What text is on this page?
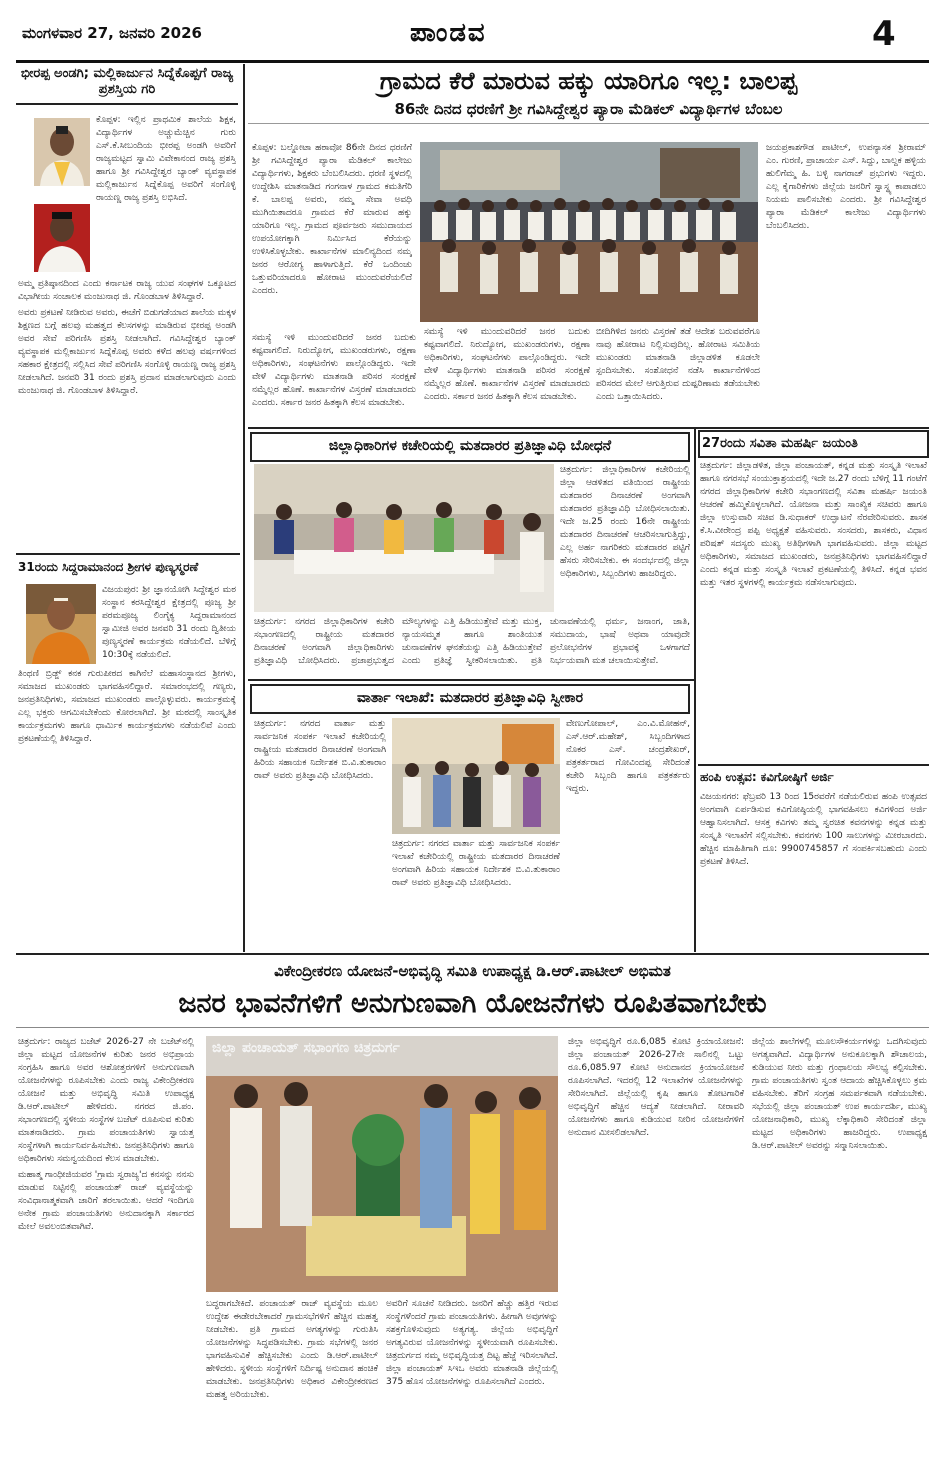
ಮಂಗಳವಾರ 27, ಜನವರಿ 2026	ಪಾಂಡವ	4
ಭೀರಪ್ಪ ಅಂಡಗಿ; ಮಲ್ಲಿಕಾರ್ಜುನ ಸಿದ್ನೆಕೊಪ್ಪಗೆ ರಾಜ್ಯ ಪ್ರಶಸ್ತಿಯ ಗರಿ

ಕೊಪ್ಪಳ: ಇಲ್ಲಿನ ಪ್ರಾಥಮಿಕ ಶಾಲೆಯ ಶಿಕ್ಷಕ, ವಿದ್ಯಾರ್ಥಿಗಳ ಅಚ್ಚುಮೆಚ್ಚಿನ ಗುರು ಎಸ್.ಕೆ.ಸೀಬಂದಿಯ ಭೀರಪ್ಪ ಅಂಡಗಿ ಅವರಿಗೆ ರಾಜ್ಯಮಟ್ಟದ ಸ್ವಾಮಿ ವಿವೇಕಾನಂದ ರಾಜ್ಯ ಪ್ರಶಸ್ತಿ ಹಾಗೂ ಶ್ರೀ ಗವಿಸಿದ್ದೇಶ್ವರ ಬ್ಯಾಂಕ್ ವ್ಯವಸ್ಥಾಪಕ ಮಲ್ಲಿಕಾರ್ಜುನ ಸಿದ್ನೆಕೊಪ್ಪ ಅವರಿಗೆ ಸಂಗೊಳ್ಳಿ ರಾಯಣ್ಣ ರಾಜ್ಯ ಪ್ರಶಸ್ತಿ ಲಭಿಸಿದೆ.

ಅಮ್ಮ ಪ್ರತಿಷ್ಠಾನದಿಂದ ಎಂದು ಕರ್ನಾಟಕ ರಾಜ್ಯ ಯುವ ಸಂಘಗಳ ಒಕ್ಕೂಟದ ವಿಭಾಗೀಯ ಸಂಚಾಲಕ ಮಂಜುನಾಥ ಜಿ. ಗೊಂಡಬಾಳ ತಿಳಿಸಿದ್ದಾರೆ.

ಅವರು ಪ್ರಕಟಣೆ ನೀಡಿರುವ ಅವರು, ಈಚೆಗೆ ಬಿಡುಗಡೆಯಾದ ಶಾಲೆಯ ಮಕ್ಕಳ ಶಿಕ್ಷಣದ ಬಗ್ಗೆ ಹಲವು ಮಹತ್ವದ ಕೆಲಸಗಳನ್ನು ಮಾಡಿರುವ ಭೀರಪ್ಪ ಅಂಡಗಿ ಅವರ ಸೇವೆ ಪರಿಗಣಿಸಿ ಪ್ರಶಸ್ತಿ ನೀಡಲಾಗಿದೆ. ಗವಿಸಿದ್ದೇಶ್ವರ ಬ್ಯಾಂಕ್ ವ್ಯವಸ್ಥಾಪಕ ಮಲ್ಲಿಕಾರ್ಜುನ ಸಿದ್ನೆಕೊಪ್ಪ ಅವರು ಕಳೆದ ಹಲವು ವರ್ಷಗಳಿಂದ ಸಹಕಾರ ಕ್ಷೇತ್ರದಲ್ಲಿ ಸಲ್ಲಿಸಿದ ಸೇವೆ ಪರಿಗಣಿಸಿ ಸಂಗೊಳ್ಳಿ ರಾಯಣ್ಣ ರಾಜ್ಯ ಪ್ರಶಸ್ತಿ ನೀಡಲಾಗಿದೆ. ಜನವರಿ 31 ರಂದು ಪ್ರಶಸ್ತಿ ಪ್ರದಾನ ಮಾಡಲಾಗುವುದು ಎಂದು ಮಂಜುನಾಥ ಜಿ. ಗೊಂಡಬಾಳ ತಿಳಿಸಿದ್ದಾರೆ.

31ರಂದು ಸಿದ್ದರಾಮಾನಂದ ಶ್ರೀಗಳ ಪುಣ್ಯಸ್ಮರಣೆ

ವಿಜಯಪುರ: ಶ್ರೀ ಜ್ಞಾನಯೋಗಿ ಸಿದ್ದೇಶ್ವರ ಮಠ ಸಂಸ್ಥಾನ ಕರಸಿದ್ದೇಶ್ವರ ಕ್ಷೇತ್ರದಲ್ಲಿ ಪೂಜ್ಯ ಶ್ರೀ ಪರಮಪೂಜ್ಯ ಲಿಂಗೈಕ್ಯ ಸಿದ್ದರಾಮಾನಂದ ಸ್ವಾಮೀಜಿ ಅವರ ಜನವರಿ 31 ರಂದು ದ್ವಿತೀಯ ಪುಣ್ಯಸ್ಮರಣೆ ಕಾರ್ಯಕ್ರಮ ನಡೆಯಲಿದೆ. ಬೆಳಿಗ್ಗೆ 10:30ಕ್ಕೆ ನಡೆಯಲಿದೆ.

ತಿಂಥಣಿ ಬ್ರಿಡ್ಜ್ ಕನಕ ಗುರುಪೀಠದ ಕಾಗಿನೆಲೆ ಮಹಾಸಂಸ್ಥಾನದ ಶ್ರೀಗಳು, ಸಮಾಜದ ಮುಖಂಡರು ಭಾಗವಹಿಸಲಿದ್ದಾರೆ. ಸಮಾರಂಭದಲ್ಲಿ ಗಣ್ಯರು, ಜನಪ್ರತಿನಿಧಿಗಳು, ಸಮಾಜದ ಮುಖಂಡರು ಪಾಲ್ಗೊಳ್ಳುವರು. ಕಾರ್ಯಕ್ರಮಕ್ಕೆ ಎಲ್ಲ ಭಕ್ತರು ಆಗಮಿಸಬೇಕೆಂದು ಕೋರಲಾಗಿದೆ. ಶ್ರೀ ಮಠದಲ್ಲಿ ಸಾಂಸ್ಕೃತಿಕ ಕಾರ್ಯಕ್ರಮಗಳು ಹಾಗೂ ಧಾರ್ಮಿಕ ಕಾರ್ಯಕ್ರಮಗಳು ನಡೆಯಲಿವೆ ಎಂದು ಪ್ರಕಟಣೆಯಲ್ಲಿ ತಿಳಿಸಿದ್ದಾರೆ.

ಗ್ರಾಮದ ಕೆರೆ ಮಾರುವ ಹಕ್ಕು ಯಾರಿಗೂ ಇಲ್ಲ: ಬಾಲಪ್ಪ
86ನೇ ದಿನದ ಧರಣಿಗೆ ಶ್ರೀ ಗವಿಸಿದ್ದೇಶ್ವರ ಪ್ಯಾರಾ ಮೆಡಿಕಲ್ ವಿದ್ಯಾರ್ಥಿಗಳ ಬೆಂಬಲ

ಕೊಪ್ಪಳ: ಬಲ್ಡೋಟಾ ಹಠಾವೋ 86ನೇ ದಿನದ ಧರಣಿಗೆ ಶ್ರೀ ಗವಿಸಿದ್ದೇಶ್ವರ ಪ್ಯಾರಾ ಮೆಡಿಕಲ್ ಕಾಲೇಜು ವಿದ್ಯಾರ್ಥಿಗಳು, ಶಿಕ್ಷಕರು ಬೆಂಬಲಿಸಿದರು. ಧರಣಿ ಸ್ಥಳದಲ್ಲಿ ಉದ್ದೇಶಿಸಿ ಮಾತನಾಡಿದ ಗಂಗನಾಳ ಗ್ರಾಮದ ಕಮತಿಗೆರಿ ಕೆ. ಬಾಲಪ್ಪ ಅವರು, ನಮ್ಮ ಸೇವಾ ಅವಧಿ ಮುಗಿಯಿತಾದರೂ ಗ್ರಾಮದ ಕೆರೆ ಮಾರುವ ಹಕ್ಕು ಯಾರಿಗೂ ಇಲ್ಲ. ಗ್ರಾಮದ ಪೂರ್ವಜರು ಸಮುದಾಯದ ಉಪಯೋಗಕ್ಕಾಗಿ ನಿರ್ಮಿಸಿದ ಕೆರೆಯನ್ನು ಉಳಿಸಿಕೊಳ್ಳಬೇಕು. ಕಾರ್ಖಾನೆಗಳ ಮಾಲಿನ್ಯದಿಂದ ನಮ್ಮ ಜನರ ಆರೋಗ್ಯ ಹಾಳಾಗುತ್ತಿದೆ. ಕೆರೆ ಒಂದಿಂಚು ಒತ್ತುವರಿಯಾದರೂ ಹೋರಾಟ ಮುಂದುವರೆಯಲಿದೆ ಎಂದರು.

ಜಯಪ್ರಕಾಶಗೌಡ ಪಾಟೀಲ್, ಉಪನ್ಯಾಸಕ ಶ್ರೀರಾಮ್ ಎಂ. ಗುರಣಿ, ಪ್ರಾಚಾರ್ಯ ಎಸ್. ಸಿದ್ದು, ಬಾಲ್ದಕ ಹಳ್ಳಿಯ ಹುಲಿಗೆಮ್ಮ ಹಿ. ಬಳ್ಳಿ ನಾಗರಾಜ್ ಪ್ರಭುಗಳು ಇದ್ದರು. ಎಲ್ಲ ಕೈಗಾರಿಕೆಗಳು ಜಿಲ್ಲೆಯ ಜನರಿಗೆ ಸ್ವಾಸ್ಥ್ಯ ಕಾಪಾಡಲು ನಿಯಮ ಪಾಲಿಸಬೇಕು ಎಂದರು. ಶ್ರೀ ಗವಿಸಿದ್ದೇಶ್ವರ ಪ್ಯಾರಾ ಮೆಡಿಕಲ್ ಕಾಲೇಜು ವಿದ್ಯಾರ್ಥಿಗಳು ಬೆಂಬಲಿಸಿದರು.

ಸಮಸ್ಯೆ ಇಳಿ ಮುಂದುವರಿದರೆ ಜನರ ಬದುಕು ಕಷ್ಟವಾಗಲಿದೆ. ನಿರುದ್ಯೋಗ, ಮುಖಂಡರುಗಳು, ರಕ್ಷಣಾ ಅಧಿಕಾರಿಗಳು, ಸಂಘಟನೆಗಳು ಪಾಲ್ಗೊಂಡಿದ್ದರು. ಇದೇ ವೇಳೆ ವಿದ್ಯಾರ್ಥಿಗಳು ಮಾತನಾಡಿ ಪರಿಸರ ಸಂರಕ್ಷಣೆ ನಮ್ಮೆಲ್ಲರ ಹೊಣೆ. ಕಾರ್ಖಾನೆಗಳ ವಿಸ್ತರಣೆ ಮಾಡಬಾರದು ಎಂದರು. ಸರ್ಕಾರ ಜನರ ಹಿತಕ್ಕಾಗಿ ಕೆಲಸ ಮಾಡಬೇಕು.

ಸಮಸ್ಯೆ ಇಳಿ ಮುಂದುವರಿದರೆ ಜನರ ಬದುಕು ಕಷ್ಟವಾಗಲಿದೆ. ನಿರುದ್ಯೋಗ, ಮುಖಂಡರುಗಳು, ರಕ್ಷಣಾ ಅಧಿಕಾರಿಗಳು, ಸಂಘಟನೆಗಳು ಪಾಲ್ಗೊಂಡಿದ್ದರು. ಇದೇ ವೇಳೆ ವಿದ್ಯಾರ್ಥಿಗಳು ಮಾತನಾಡಿ ಪರಿಸರ ಸಂರಕ್ಷಣೆ ನಮ್ಮೆಲ್ಲರ ಹೊಣೆ. ಕಾರ್ಖಾನೆಗಳ ವಿಸ್ತರಣೆ ಮಾಡಬಾರದು ಎಂದರು. ಸರ್ಕಾರ ಜನರ ಹಿತಕ್ಕಾಗಿ ಕೆಲಸ ಮಾಡಬೇಕು.

ಬೀದಿಗಿಳಿದ ಜನರು ವಿಸ್ತರಣೆ ತಡೆ ಆದೇಶ ಬರುವವರೆಗೂ ನಾವು ಹೋರಾಟ ನಿಲ್ಲಿಸುವುದಿಲ್ಲ. ಹೋರಾಟ ಸಮಿತಿಯ ಮುಖಂಡರು ಮಾತನಾಡಿ ಜಿಲ್ಲಾಡಳಿತ ಕೂಡಲೇ ಸ್ಪಂದಿಸಬೇಕು. ಸಂಶೋಧನೆ ನಡೆಸಿ ಕಾರ್ಖಾನೆಗಳಿಂದ ಪರಿಸರದ ಮೇಲೆ ಆಗುತ್ತಿರುವ ದುಷ್ಪರಿಣಾಮ ತಡೆಯಬೇಕು ಎಂದು ಒತ್ತಾಯಿಸಿದರು.

ಜಿಲ್ಲಾಧಿಕಾರಿಗಳ ಕಚೇರಿಯಲ್ಲಿ ಮತದಾರರ ಪ್ರತಿಜ್ಞಾವಿಧಿ ಬೋಧನೆ

ಚಿತ್ರದುರ್ಗ: ಜಿಲ್ಲಾಧಿಕಾರಿಗಳ ಕಚೇರಿಯಲ್ಲಿ ಜಿಲ್ಲಾ ಆಡಳಿತದ ವತಿಯಿಂದ ರಾಷ್ಟ್ರೀಯ ಮತದಾರರ ದಿನಾಚರಣೆ ಅಂಗವಾಗಿ ಮತದಾರರ ಪ್ರತಿಜ್ಞಾವಿಧಿ ಬೋಧಿಸಲಾಯಿತು. ಇದೇ ಜ.25 ರಂದು 16ನೇ ರಾಷ್ಟ್ರೀಯ ಮತದಾರರ ದಿನಾಚರಣೆ ಆಚರಿಸಲಾಗುತ್ತಿದ್ದು, ಎಲ್ಲ ಅರ್ಹ ನಾಗರಿಕರು ಮತದಾರರ ಪಟ್ಟಿಗೆ ಹೆಸರು ಸೇರಿಸಬೇಕು. ಈ ಸಂದರ್ಭದಲ್ಲಿ ಜಿಲ್ಲಾ ಅಧಿಕಾರಿಗಳು, ಸಿಬ್ಬಂದಿಗಳು ಹಾಜರಿದ್ದರು.

ಚಿತ್ರದುರ್ಗ: ನಗರದ ಜಿಲ್ಲಾಧಿಕಾರಿಗಳ ಕಚೇರಿ ಸಭಾಂಗಣದಲ್ಲಿ ರಾಷ್ಟ್ರೀಯ ಮತದಾರರ ದಿನಾಚರಣೆ ಅಂಗವಾಗಿ ಜಿಲ್ಲಾಧಿಕಾರಿಗಳು ಪ್ರತಿಜ್ಞಾವಿಧಿ ಬೋಧಿಸಿದರು. ಪ್ರಜಾಪ್ರಭುತ್ವದ ಮೌಲ್ಯಗಳನ್ನು ಎತ್ತಿ ಹಿಡಿಯುತ್ತೇವೆ ಮತ್ತು ಮುಕ್ತ, ನ್ಯಾಯಸಮ್ಮತ ಹಾಗೂ ಶಾಂತಿಯುತ ಚುನಾವಣೆಗಳ ಘನತೆಯನ್ನು ಎತ್ತಿ ಹಿಡಿಯುತ್ತೇವೆ ಎಂದು ಪ್ರತಿಜ್ಞೆ ಸ್ವೀಕರಿಸಲಾಯಿತು. ಪ್ರತಿ ಚುನಾವಣೆಯಲ್ಲಿ ಧರ್ಮ, ಜನಾಂಗ, ಜಾತಿ, ಸಮುದಾಯ, ಭಾಷೆ ಅಥವಾ ಯಾವುದೇ ಪ್ರಲೋಭನೆಗಳ ಪ್ರಭಾವಕ್ಕೆ ಒಳಗಾಗದೆ ನಿರ್ಭಯವಾಗಿ ಮತ ಚಲಾಯಿಸುತ್ತೇವೆ.

ವಾರ್ತಾ ಇಲಾಖೆ: ಮತದಾರರ ಪ್ರತಿಜ್ಞಾವಿಧಿ ಸ್ವೀಕಾರ

ಚಿತ್ರದುರ್ಗ: ನಗರದ ವಾರ್ತಾ ಮತ್ತು ಸಾರ್ವಜನಿಕ ಸಂಪರ್ಕ ಇಲಾಖೆ ಕಚೇರಿಯಲ್ಲಿ ರಾಷ್ಟ್ರೀಯ ಮತದಾರರ ದಿನಾಚರಣೆ ಅಂಗವಾಗಿ ಹಿರಿಯ ಸಹಾಯಕ ನಿರ್ದೇಶಕ ಬಿ.ವಿ.ತುಕಾರಾಂ ರಾವ್ ಅವರು ಪ್ರತಿಜ್ಞಾವಿಧಿ ಬೋಧಿಸಿದರು.

ವೇಣುಗೋಪಾಲ್, ಎಂ.ವಿ.ಮೋಹನ್, ಎಸ್.ಆರ್.ಮಹೇಶ್, ಸಿಬ್ಬಂದಿಗಳಾದ ನೊಕರ ಎಸ್. ಚಂದ್ರಶೇಖರ್, ಪತ್ರಕರ್ತರಾದ ಗೋವಿಂದಪ್ಪ ಸೇರಿದಂತೆ ಕಚೇರಿ ಸಿಬ್ಬಂದಿ ಹಾಗೂ ಪತ್ರಕರ್ತರು ಇದ್ದರು.

ಚಿತ್ರದುರ್ಗ: ನಗರದ ವಾರ್ತಾ ಮತ್ತು ಸಾರ್ವಜನಿಕ ಸಂಪರ್ಕ ಇಲಾಖೆ ಕಚೇರಿಯಲ್ಲಿ ರಾಷ್ಟ್ರೀಯ ಮತದಾರರ ದಿನಾಚರಣೆ ಅಂಗವಾಗಿ ಹಿರಿಯ ಸಹಾಯಕ ನಿರ್ದೇಶಕ ಬಿ.ವಿ.ತುಕಾರಾಂ ರಾವ್ ಅವರು ಪ್ರತಿಜ್ಞಾವಿಧಿ ಬೋಧಿಸಿದರು.

27ರಂದು ಸವಿತಾ ಮಹರ್ಷಿ ಜಯಂತಿ

ಚಿತ್ರದುರ್ಗ: ಜಿಲ್ಲಾಡಳಿತ, ಜಿಲ್ಲಾ ಪಂಚಾಯತ್, ಕನ್ನಡ ಮತ್ತು ಸಂಸ್ಕೃತಿ ಇಲಾಖೆ ಹಾಗೂ ನಗರಸಭೆ ಸಂಯುಕ್ತಾಶ್ರಯದಲ್ಲಿ ಇದೇ ಜ.27 ರಂದು ಬೆಳಿಗ್ಗೆ 11 ಗಂಟೆಗೆ ನಗರದ ಜಿಲ್ಲಾಧಿಕಾರಿಗಳ ಕಚೇರಿ ಸಭಾಂಗಣದಲ್ಲಿ ಸವಿತಾ ಮಹರ್ಷಿ ಜಯಂತಿ ಆಚರಣೆ ಹಮ್ಮಿಕೊಳ್ಳಲಾಗಿದೆ. ಯೋಜನಾ ಮತ್ತು ಸಾಂಖ್ಯಿಕ ಸಚಿವರು ಹಾಗೂ ಜಿಲ್ಲಾ ಉಸ್ತುವಾರಿ ಸಚಿವ ಡಿ.ಸುಧಾಕರ್ ಉದ್ಘಾಟನೆ ನೆರವೇರಿಸುವರು. ಶಾಸಕ ಕೆ.ಸಿ.ವೀರೇಂದ್ರ ಪಪ್ಪಿ ಅಧ್ಯಕ್ಷತೆ ವಹಿಸುವರು. ಸಂಸದರು, ಶಾಸಕರು, ವಿಧಾನ ಪರಿಷತ್ ಸದಸ್ಯರು ಮುಖ್ಯ ಅತಿಥಿಗಳಾಗಿ ಭಾಗವಹಿಸುವರು. ಜಿಲ್ಲಾ ಮಟ್ಟದ ಅಧಿಕಾರಿಗಳು, ಸಮಾಜದ ಮುಖಂಡರು, ಜನಪ್ರತಿನಿಧಿಗಳು ಭಾಗವಹಿಸಲಿದ್ದಾರೆ ಎಂದು ಕನ್ನಡ ಮತ್ತು ಸಂಸ್ಕೃತಿ ಇಲಾಖೆ ಪ್ರಕಟಣೆಯಲ್ಲಿ ತಿಳಿಸಿದೆ. ಕನ್ನಡ ಭವನ ಮತ್ತು ಇತರ ಸ್ಥಳಗಳಲ್ಲಿ ಕಾರ್ಯಕ್ರಮ ನಡೆಸಲಾಗುವುದು.

ಹಂಪಿ ಉತ್ಸವ: ಕವಿಗೋಷ್ಠಿಗೆ ಅರ್ಜಿ

ವಿಜಯನಗರ: ಫೆಬ್ರವರಿ 13 ರಿಂದ 15ರವರೆಗೆ ನಡೆಯಲಿರುವ ಹಂಪಿ ಉತ್ಸವದ ಅಂಗವಾಗಿ ಏರ್ಪಡಿಸುವ ಕವಿಗೋಷ್ಠಿಯಲ್ಲಿ ಭಾಗವಹಿಸಲು ಕವಿಗಳಿಂದ ಅರ್ಜಿ ಆಹ್ವಾನಿಸಲಾಗಿದೆ. ಆಸಕ್ತ ಕವಿಗಳು ತಮ್ಮ ಸ್ವರಚಿತ ಕವನಗಳನ್ನು ಕನ್ನಡ ಮತ್ತು ಸಂಸ್ಕೃತಿ ಇಲಾಖೆಗೆ ಸಲ್ಲಿಸಬೇಕು. ಕವನಗಳು 100 ಸಾಲುಗಳನ್ನು ಮೀರಬಾರದು. ಹೆಚ್ಚಿನ ಮಾಹಿತಿಗಾಗಿ ದೂ: 9900745857 ಗೆ ಸಂಪರ್ಕಿಸಬಹುದು ಎಂದು ಪ್ರಕಟಣೆ ತಿಳಿಸಿದೆ.

ವಿಕೇಂದ್ರೀಕರಣ ಯೋಜನೆ-ಅಭಿವೃದ್ಧಿ ಸಮಿತಿ ಉಪಾಧ್ಯಕ್ಷ ಡಿ.ಆರ್.ಪಾಟೀಲ್ ಅಭಿಮತ
ಜನರ ಭಾವನೆಗಳಿಗೆ ಅನುಗುಣವಾಗಿ ಯೋಜನೆಗಳು ರೂಪಿತವಾಗಬೇಕು

ಚಿತ್ರದುರ್ಗ: ರಾಜ್ಯದ ಬಜೆಟ್ 2026-27 ನೇ ಬಜೆಟ್‌ನಲ್ಲಿ ಜಿಲ್ಲಾ ಮಟ್ಟದ ಯೋಜನೆಗಳ ಕುರಿತು ಜನರ ಅಭಿಪ್ರಾಯ ಸಂಗ್ರಹಿಸಿ ಹಾಗೂ ಅವರ ಆಶೋತ್ತರಗಳಿಗೆ ಅನುಗುಣವಾಗಿ ಯೋಜನೆಗಳನ್ನು ರೂಪಿಸಬೇಕು ಎಂದು ರಾಜ್ಯ ವಿಕೇಂದ್ರೀಕರಣ ಯೋಜನೆ ಮತ್ತು ಅಭಿವೃದ್ಧಿ ಸಮಿತಿ ಉಪಾಧ್ಯಕ್ಷ ಡಿ.ಆರ್.ಪಾಟೀಲ್ ಹೇಳಿದರು. ನಗರದ ಜಿ.ಪಂ. ಸಭಾಂಗಣದಲ್ಲಿ ಸ್ಥಳೀಯ ಸಂಸ್ಥೆಗಳ ಬಜೆಟ್ ರೂಪಿಸುವ ಕುರಿತು ಮಾತನಾಡಿದರು. ಗ್ರಾಮ ಪಂಚಾಯತಿಗಳು ಸ್ವಾಯತ್ತ ಸಂಸ್ಥೆಗಳಾಗಿ ಕಾರ್ಯನಿರ್ವಹಿಸಬೇಕು. ಜನಪ್ರತಿನಿಧಿಗಳು ಹಾಗೂ ಅಧಿಕಾರಿಗಳು ಸಮನ್ವಯದಿಂದ ಕೆಲಸ ಮಾಡಬೇಕು.

ಮಹಾತ್ಮ ಗಾಂಧೀಜಿಯವರ 'ಗ್ರಾಮ ಸ್ವರಾಜ್ಯ'ದ ಕನಸನ್ನು ನನಸು ಮಾಡುವ ನಿಟ್ಟಿನಲ್ಲಿ ಪಂಚಾಯತ್ ರಾಜ್ ವ್ಯವಸ್ಥೆಯನ್ನು ಸಂವಿಧಾನಾತ್ಮಕವಾಗಿ ಜಾರಿಗೆ ತರಲಾಯಿತು. ಆದರೆ ಇಂದಿಗೂ ಅನೇಕ ಗ್ರಾಮ ಪಂಚಾಯತಿಗಳು ಅನುದಾನಕ್ಕಾಗಿ ಸರ್ಕಾರದ ಮೇಲೆ ಅವಲಂಬಿತವಾಗಿವೆ.

ಜಿಲ್ಲಾ ಪಂಚಾಯತ್ ಸಭಾಂಗಣ ಚಿತ್ರದುರ್ಗ

ಬದ್ಧರಾಗಬೇಕಿದೆ. ಪಂಚಾಯತ್ ರಾಜ್ ವ್ಯವಸ್ಥೆಯ ಮೂಲ ಉದ್ದೇಶ ಈಡೇರಬೇಕಾದರೆ ಗ್ರಾಮಸಭೆಗಳಿಗೆ ಹೆಚ್ಚಿನ ಮಹತ್ವ ನೀಡಬೇಕು. ಪ್ರತಿ ಗ್ರಾಮದ ಅಗತ್ಯಗಳನ್ನು ಗುರುತಿಸಿ ಯೋಜನೆಗಳನ್ನು ಸಿದ್ಧಪಡಿಸಬೇಕು. ಗ್ರಾಮ ಸಭೆಗಳಲ್ಲಿ ಜನರ ಭಾಗವಹಿಸುವಿಕೆ ಹೆಚ್ಚಿಸಬೇಕು ಎಂದು ಡಿ.ಆರ್.ಪಾಟೀಲ್ ಹೇಳಿದರು. ಸ್ಥಳೀಯ ಸಂಸ್ಥೆಗಳಿಗೆ ನಿರ್ದಿಷ್ಟ ಅನುದಾನ ಹಂಚಿಕೆ ಮಾಡಬೇಕು. ಜನಪ್ರತಿನಿಧಿಗಳು ಅಧಿಕಾರ ವಿಕೇಂದ್ರೀಕರಣದ ಮಹತ್ವ ಅರಿಯಬೇಕು.

ಅವರಿಗೆ ಸೂಚನೆ ನೀಡಿದರು. ಜನರಿಗೆ ಹೆಚ್ಚು ಹತ್ತಿರ ಇರುವ ಸಂಸ್ಥೆಗಳೆಂದರೆ ಗ್ರಾಮ ಪಂಚಾಯತಿಗಳು. ಹೀಗಾಗಿ ಅವುಗಳನ್ನು ಸಶಕ್ತಗೊಳಿಸುವುದು ಅತ್ಯಗತ್ಯ. ಜಿಲ್ಲೆಯ ಅಭಿವೃದ್ಧಿಗೆ ಅಗತ್ಯವಿರುವ ಯೋಜನೆಗಳನ್ನು ಸ್ಥಳೀಯವಾಗಿ ರೂಪಿಸಬೇಕು. ಚಿತ್ರದುರ್ಗದ ನಮ್ಮ ಅಭಿವೃದ್ಧಿಯತ್ತ ದಿಟ್ಟ ಹೆಜ್ಜೆ ಇರಿಸಲಾಗಿದೆ. ಜಿಲ್ಲಾ ಪಂಚಾಯತ್ ಸಿಇಒ ಅವರು ಮಾತನಾಡಿ ಜಿಲ್ಲೆಯಲ್ಲಿ 375 ಹೊಸ ಯೋಜನೆಗಳನ್ನು ರೂಪಿಸಲಾಗಿದೆ ಎಂದರು.

ಜಿಲ್ಲಾ ಅಭಿವೃದ್ಧಿಗೆ ರೂ.6,085 ಕೋಟಿ ಕ್ರಿಯಾಯೋಜನೆ: ಜಿಲ್ಲಾ ಪಂಚಾಯತ್ 2026-27ನೇ ಸಾಲಿನಲ್ಲಿ ಒಟ್ಟು ರೂ.6,085.97 ಕೋಟಿ ಅನುದಾನದ ಕ್ರಿಯಾಯೋಜನೆ ರೂಪಿಸಲಾಗಿದೆ. ಇದರಲ್ಲಿ 12 ಇಲಾಖೆಗಳ ಯೋಜನೆಗಳನ್ನು ಸೇರಿಸಲಾಗಿದೆ. ಜಿಲ್ಲೆಯಲ್ಲಿ ಕೃಷಿ ಹಾಗೂ ತೋಟಗಾರಿಕೆ ಅಭಿವೃದ್ಧಿಗೆ ಹೆಚ್ಚಿನ ಆದ್ಯತೆ ನೀಡಲಾಗಿದೆ. ನೀರಾವರಿ ಯೋಜನೆಗಳು ಹಾಗೂ ಕುಡಿಯುವ ನೀರಿನ ಯೋಜನೆಗಳಿಗೆ ಅನುದಾನ ಮೀಸಲಿಡಲಾಗಿದೆ.

ಜಿಲ್ಲೆಯ ಶಾಲೆಗಳಲ್ಲಿ ಮೂಲಸೌಕರ್ಯಗಳನ್ನು ಒದಗಿಸುವುದು ಅಗತ್ಯವಾಗಿದೆ. ವಿದ್ಯಾರ್ಥಿಗಳ ಅನುಕೂಲಕ್ಕಾಗಿ ಶೌಚಾಲಯ, ಕುಡಿಯುವ ನೀರು ಮತ್ತು ಗ್ರಂಥಾಲಯ ಸೌಲಭ್ಯ ಕಲ್ಪಿಸಬೇಕು. ಗ್ರಾಮ ಪಂಚಾಯತಿಗಳು ಸ್ವಂತ ಆದಾಯ ಹೆಚ್ಚಿಸಿಕೊಳ್ಳಲು ಕ್ರಮ ವಹಿಸಬೇಕು. ತೆರಿಗೆ ಸಂಗ್ರಹ ಸಮರ್ಪಕವಾಗಿ ನಡೆಯಬೇಕು. ಸಭೆಯಲ್ಲಿ ಜಿಲ್ಲಾ ಪಂಚಾಯತ್ ಉಪ ಕಾರ್ಯದರ್ಶಿ, ಮುಖ್ಯ ಯೋಜನಾಧಿಕಾರಿ, ಮುಖ್ಯ ಲೆಕ್ಕಾಧಿಕಾರಿ ಸೇರಿದಂತೆ ಜಿಲ್ಲಾ ಮಟ್ಟದ ಅಧಿಕಾರಿಗಳು ಹಾಜರಿದ್ದರು. ಉಪಾಧ್ಯಕ್ಷ ಡಿ.ಆರ್.ಪಾಟೀಲ್ ಅವರನ್ನು ಸನ್ಮಾನಿಸಲಾಯಿತು.
